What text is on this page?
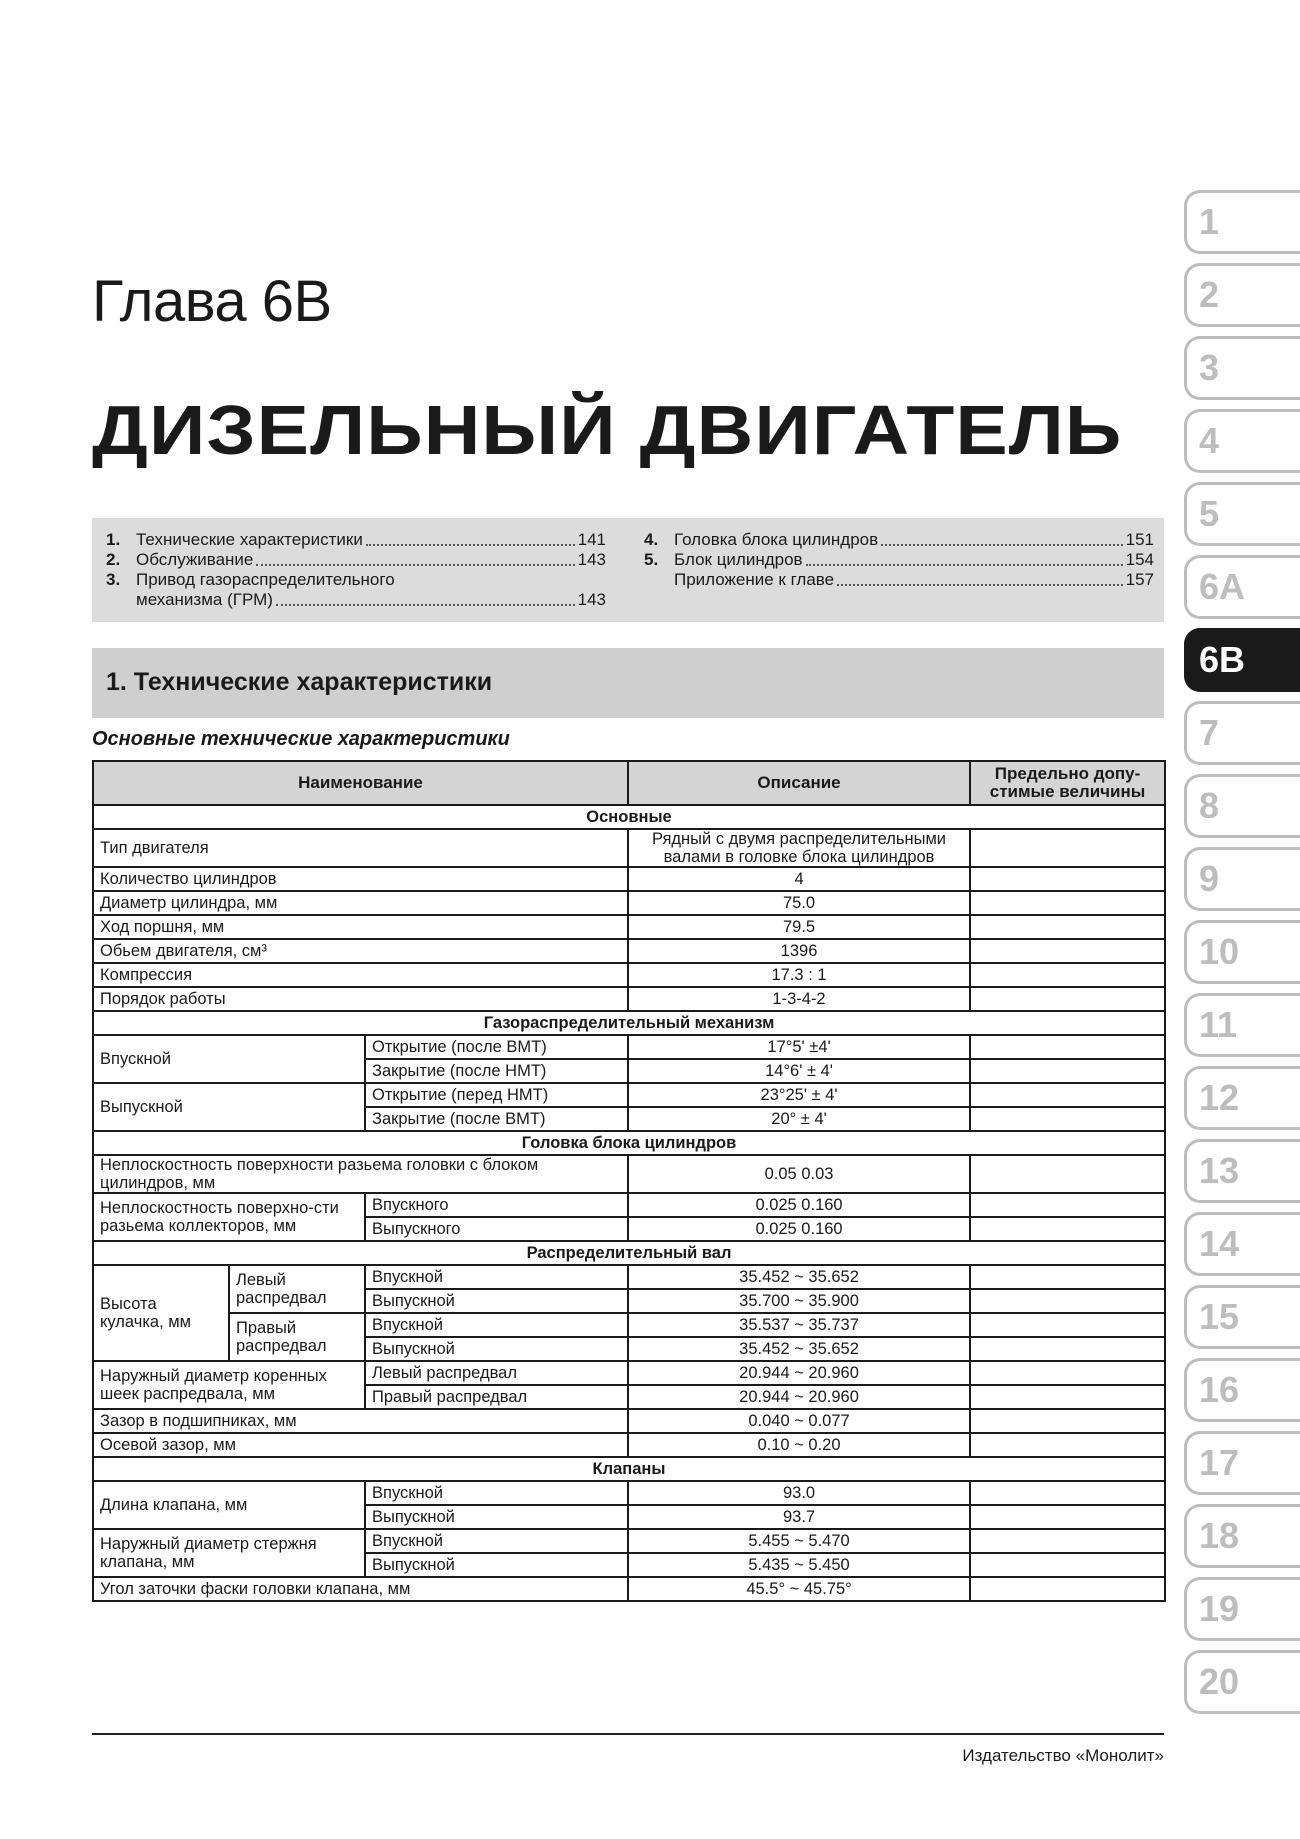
Глава 6В
ДИЗЕЛЬНЫЙ ДВИГАТЕЛЬ
1. Технические характеристики	141
2. Обслуживание	143
3. Привод газораспределительного
механизма (ГРМ)	143
4. Головка блока цилиндров	151
5. Блок цилиндров	154
Приложение к главе	157
1. Технические характеристики
Основные технические характеристики
Наименование			Описание	Предельно допу-стимые величины
Основные				
Тип двигателя			Рядный с двумя распределительными валами в головке блока цилиндров	
Количество цилиндров			4	
Диаметр цилиндра, мм			75.0	
Ход поршня, мм			79.5	
Обьем двигателя, см³			1396	
Компрессия			17.3 : 1	
Порядок работы			1-3-4-2	
Газораспределительный механизм				
Впускной		Открытие (после ВМТ)	17°5' ±4'	
		Закрытие (после НМТ)	14°6' ± 4'	
Выпускной		Открытие (перед НМТ)	23°25' ± 4'	
		Закрытие (после ВМТ)	20° ± 4'	
Головка блока цилиндров				
Неплоскостность поверхности разьема головки с блоком цилиндров, мм			0.05 0.03	
Неплоскостность поверхно-сти разьема коллекторов, мм		Впускного	0.025 0.160	
		Выпускного	0.025 0.160	
Распределительный вал				
Высота кулачка, мм	Левый распредвал	Впускной	35.452 ~ 35.652	
		Выпускной	35.700 ~ 35.900	
	Правый распредвал	Впускной	35.537 ~ 35.737	
		Выпускной	35.452 ~ 35.652	
Наружный диаметр коренных шеек распредвала, мм		Левый распредвал	20.944 ~ 20.960	
		Правый распредвал	20.944 ~ 20.960	
Зазор в подшипниках, мм			0.040 ~ 0.077	
Осевой зазор, мм			0.10 ~ 0.20	
Клапаны				
Длина клапана, мм		Впускной	93.0	
		Выпускной	93.7	
Наружный диаметр стержня клапана, мм		Впускной	5.455 ~ 5.470	
		Выпускной	5.435 ~ 5.450	
Угол заточки фаски головки клапана, мм			45.5° ~ 45.75°	
Издательство «Монолит»
1
2
3
4
5
6А
6В
7
8
9
10
11
12
13
14
15
16
17
18
19
20
